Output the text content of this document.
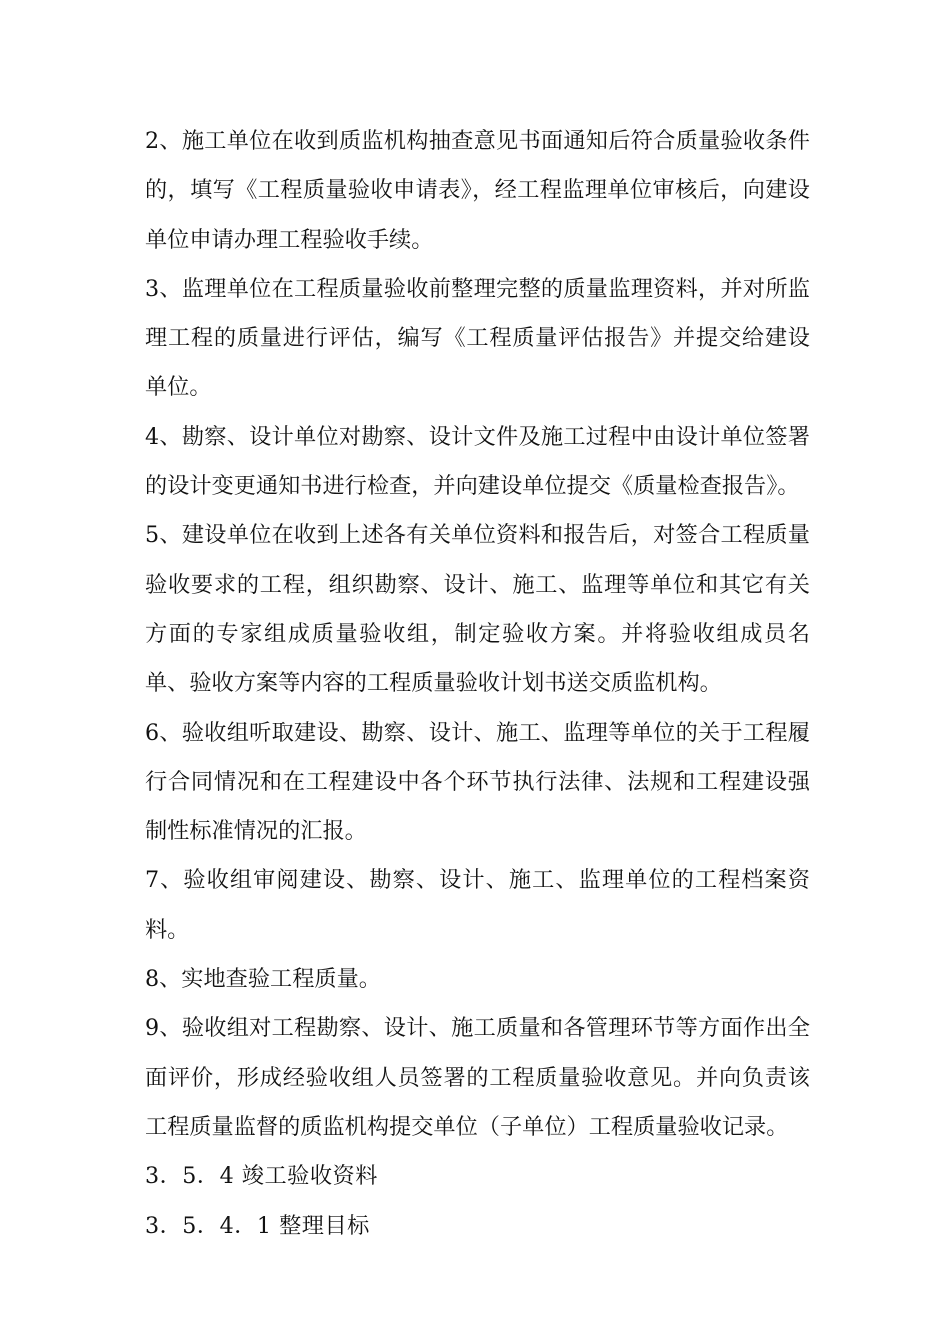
2、施工单位在收到质监机构抽查意见书面通知后符合质量验收条件的，填写《工程质量验收申请表》，经工程监理单位审核后，向建设单位申请办理工程验收手续。

3、监理单位在工程质量验收前整理完整的质量监理资料，并对所监理工程的质量进行评估，编写《工程质量评估报告》并提交给建设单位。

4、勘察、设计单位对勘察、设计文件及施工过程中由设计单位签署的设计变更通知书进行检查，并向建设单位提交《质量检查报告》。

5、建设单位在收到上述各有关单位资料和报告后，对签合工程质量验收要求的工程，组织勘察、设计、施工、监理等单位和其它有关方面的专家组成质量验收组，制定验收方案。并将验收组成员名单、验收方案等内容的工程质量验收计划书送交质监机构。

6、验收组听取建设、勘察、设计、施工、监理等单位的关于工程履行合同情况和在工程建设中各个环节执行法律、法规和工程建设强制性标准情况的汇报。

7、验收组审阅建设、勘察、设计、施工、监理单位的工程档案资料。

8、实地查验工程质量。

9、验收组对工程勘察、设计、施工质量和各管理环节等方面作出全面评价，形成经验收组人员签署的工程质量验收意见。并向负责该工程质量监督的质监机构提交单位（子单位）工程质量验收记录。

3．5．4 竣工验收资料

3．5．4．1 整理目标
